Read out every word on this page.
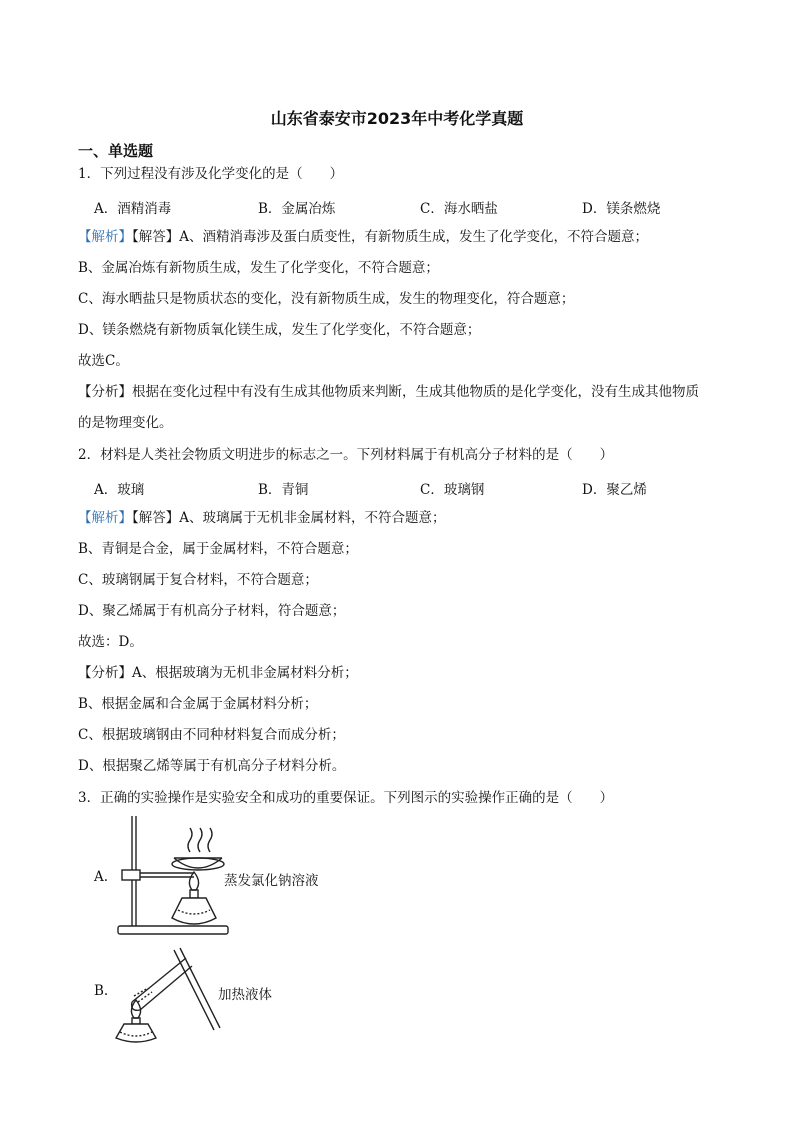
山东省泰安市2023年中考化学真题
一、单选题
1．下列过程没有涉及化学变化的是（　　）
A．酒精消毒	B．金属冶炼	C．海水晒盐	D．镁条燃烧
【解析】【解答】A、酒精消毒涉及蛋白质变性，有新物质生成，发生了化学变化，不符合题意；
B、金属冶炼有新物质生成，发生了化学变化，不符合题意；
C、海水晒盐只是物质状态的变化，没有新物质生成，发生的物理变化，符合题意；
D、镁条燃烧有新物质氧化镁生成，发生了化学变化，不符合题意；
故选C。
【分析】根据在变化过程中有没有生成其他物质来判断，生成其他物质的是化学变化，没有生成其他物质
的是物理变化。
2．材料是人类社会物质文明进步的标志之一。下列材料属于有机高分子材料的是（　　）
A．玻璃	B．青铜	C．玻璃钢	D．聚乙烯
【解析】【解答】A、玻璃属于无机非金属材料，不符合题意；
B、青铜是合金，属于金属材料，不符合题意；
C、玻璃钢属于复合材料，不符合题意；
D、聚乙烯属于有机高分子材料，符合题意；
故选：D。
【分析】A、根据玻璃为无机非金属材料分析；
B、根据金属和合金属于金属材料分析；
C、根据玻璃钢由不同种材料复合而成分析；
D、根据聚乙烯等属于有机高分子材料分析。
3．正确的实验操作是实验安全和成功的重要保证。下列图示的实验操作正确的是（　　）
A.	蒸发氯化钠溶液
B.	加热液体
